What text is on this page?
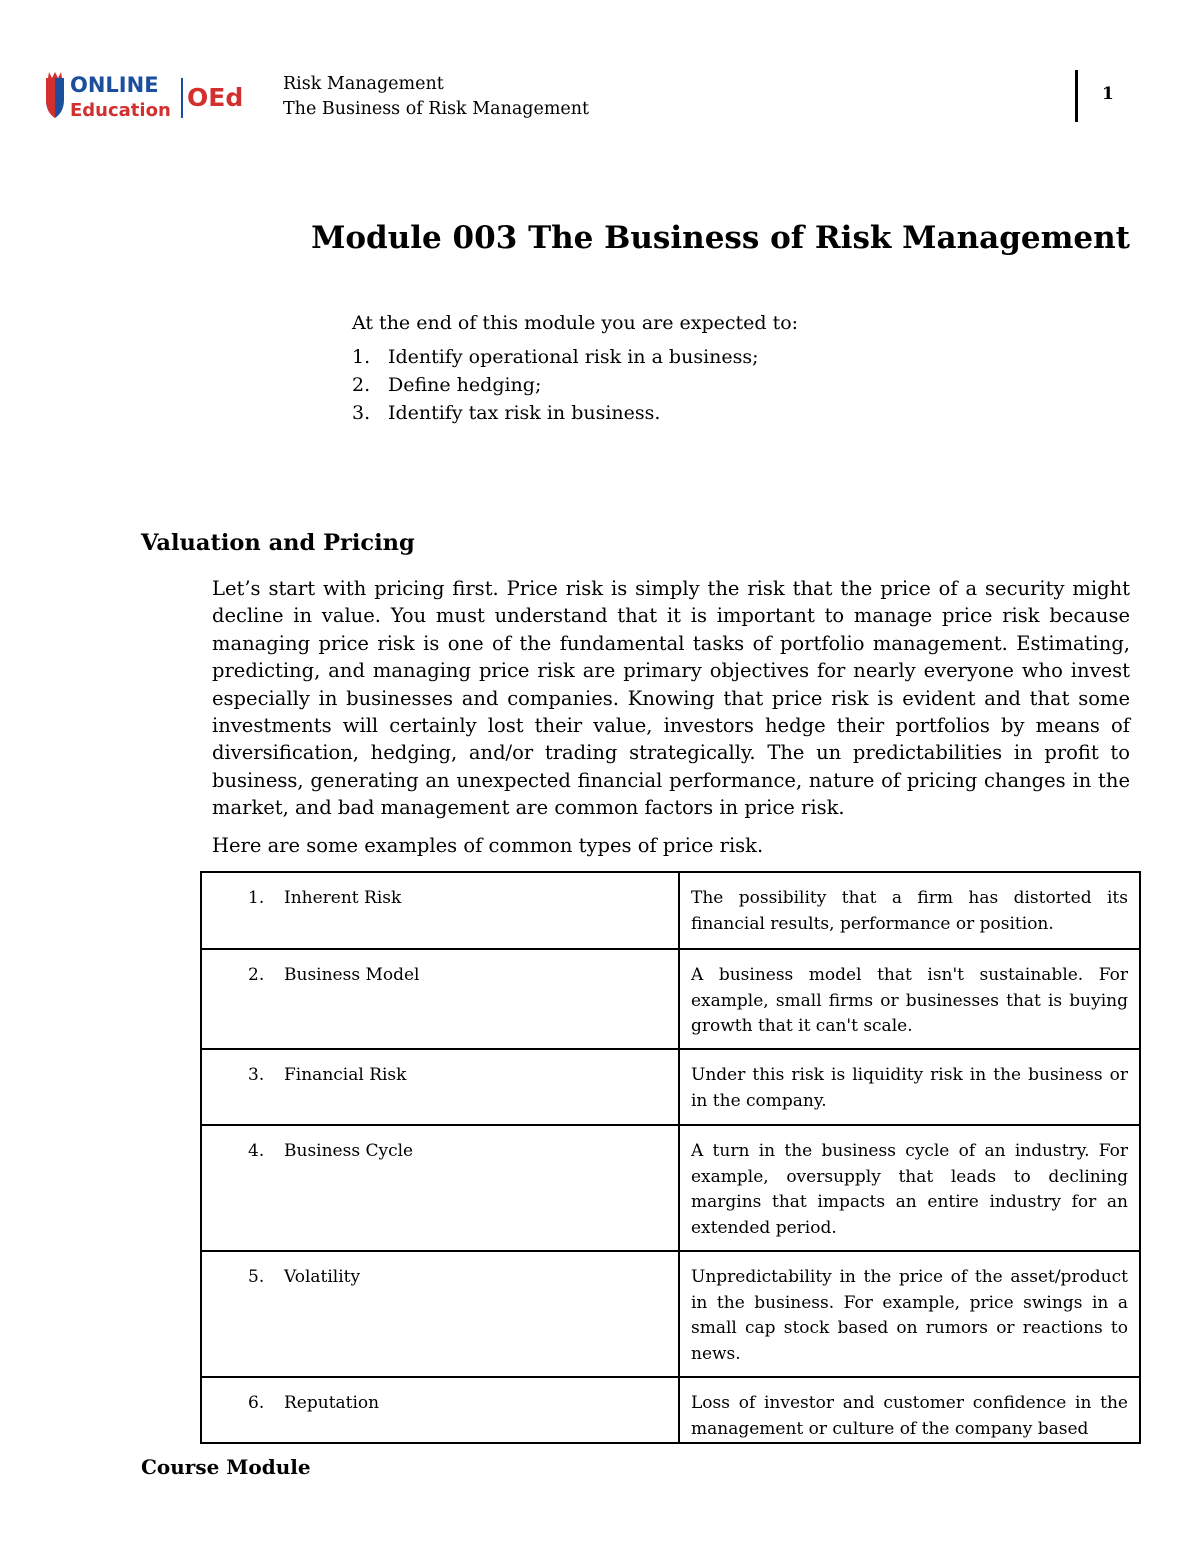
ONLINE
Education OEd Risk Management
The Business of Risk Management
1
Module 003 The Business of Risk Management

At the end of this module you are expected to:

1. Identify operational risk in a business;
2. Define hedging;
3. Identify tax risk in business.
Valuation and Pricing
Let’s start with pricing first. Price risk is simply the risk that the price of a security might decline in value. You must understand that it is important to manage price risk because managing price risk is one of the fundamental tasks of portfolio management. Estimating, predicting, and managing price risk are primary objectives for nearly everyone who invest especially in businesses and companies. Knowing that price risk is evident and that some investments will certainly lost their value, investors hedge their portfolios by means of diversification, hedging, and/or trading strategically. The un predictabilities in profit to business, generating an unexpected financial performance, nature of pricing changes in the market, and bad management are common factors in price risk.
Here are some examples of common types of price risk.
1. Inherent Risk	The possibility that a firm has distorted its financial results, performance or position.

2. Business Model	A business model that isn't sustainable. For example, small firms or businesses that is buying growth that it can't scale.

3. Financial Risk	Under this risk is liquidity risk in the business or in the company.

4. Business Cycle	A turn in the business cycle of an industry. For example, oversupply that leads to declining margins that impacts an entire industry for an extended period.

5. Volatility	Unpredictability in the price of the asset/product in the business. For example, price swings in a small cap stock based on rumors or reactions to news.

6. Reputation	Loss of investor and customer confidence in the management or culture of the company based
Course Module
